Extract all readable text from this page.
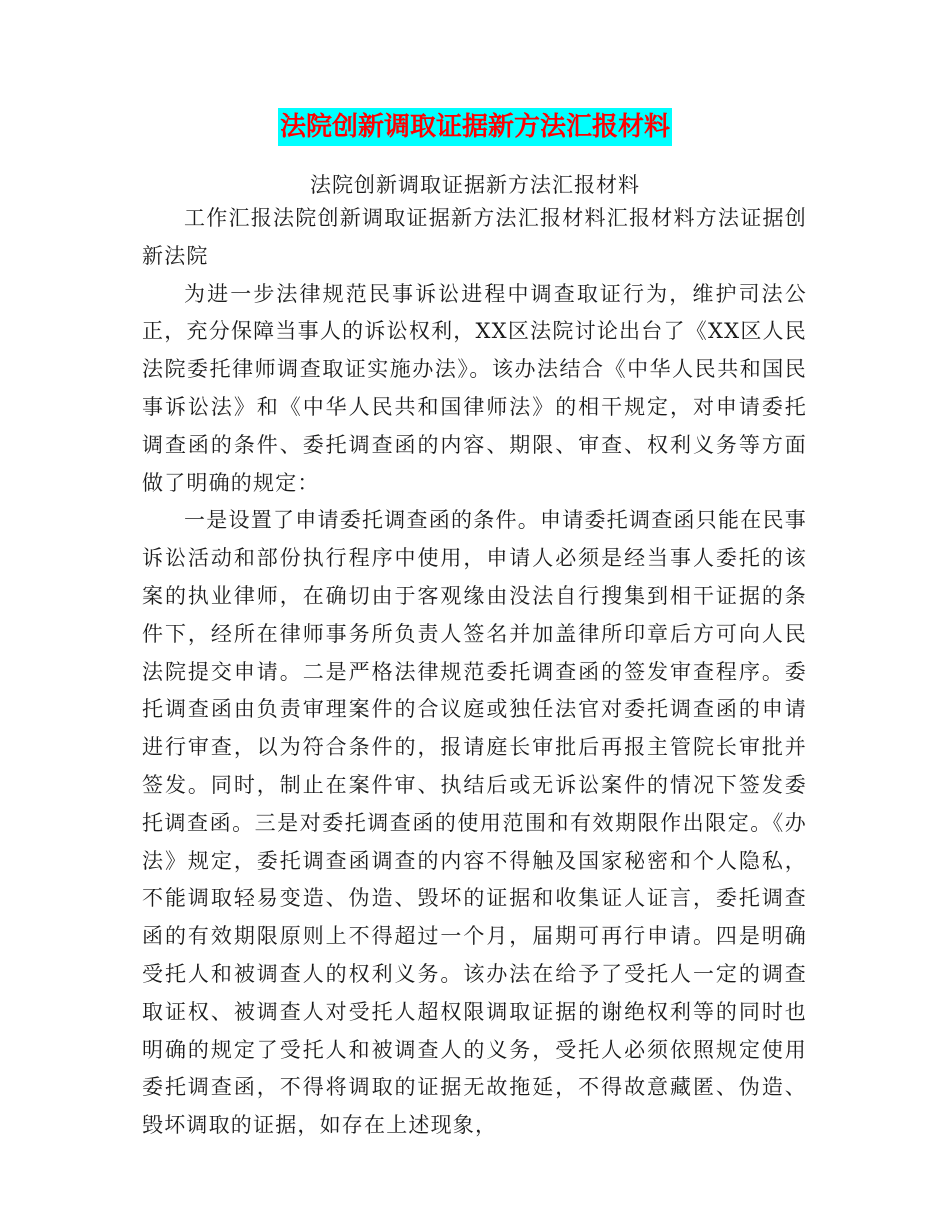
法院创新调取证据新方法汇报材料
法院创新调取证据新方法汇报材料

工作汇报法院创新调取证据新方法汇报材料汇报材料方法证据创新法院

为进一步法律规范民事诉讼进程中调查取证行为，维护司法公正，充分保障当事人的诉讼权利，XX区法院讨论出台了《XX区人民法院委托律师调查取证实施办法》。该办法结合《中华人民共和国民事诉讼法》和《中华人民共和国律师法》的相干规定，对申请委托调查函的条件、委托调查函的内容、期限、审查、权利义务等方面做了明确的规定：

一是设置了申请委托调查函的条件。申请委托调查函只能在民事诉讼活动和部份执行程序中使用，申请人必须是经当事人委托的该案的执业律师，在确切由于客观缘由没法自行搜集到相干证据的条件下，经所在律师事务所负责人签名并加盖律所印章后方可向人民法院提交申请。二是严格法律规范委托调查函的签发审查程序。委托调查函由负责审理案件的合议庭或独任法官对委托调查函的申请进行审查，以为符合条件的，报请庭长审批后再报主管院长审批并签发。同时，制止在案件审、执结后或无诉讼案件的情况下签发委托调查函。三是对委托调查函的使用范围和有效期限作出限定。《办法》规定，委托调查函调查的内容不得触及国家秘密和个人隐私，不能调取轻易变造、伪造、毁坏的证据和收集证人证言，委托调查函的有效期限原则上不得超过一个月，届期可再行申请。四是明确受托人和被调查人的权利义务。该办法在给予了受托人一定的调查取证权、被调查人对受托人超权限调取证据的谢绝权利等的同时也明确的规定了受托人和被调查人的义务，受托人必须依照规定使用委托调查函，不得将调取的证据无故拖延，不得故意藏匿、伪造、毁坏调取的证据，如存在上述现象，
